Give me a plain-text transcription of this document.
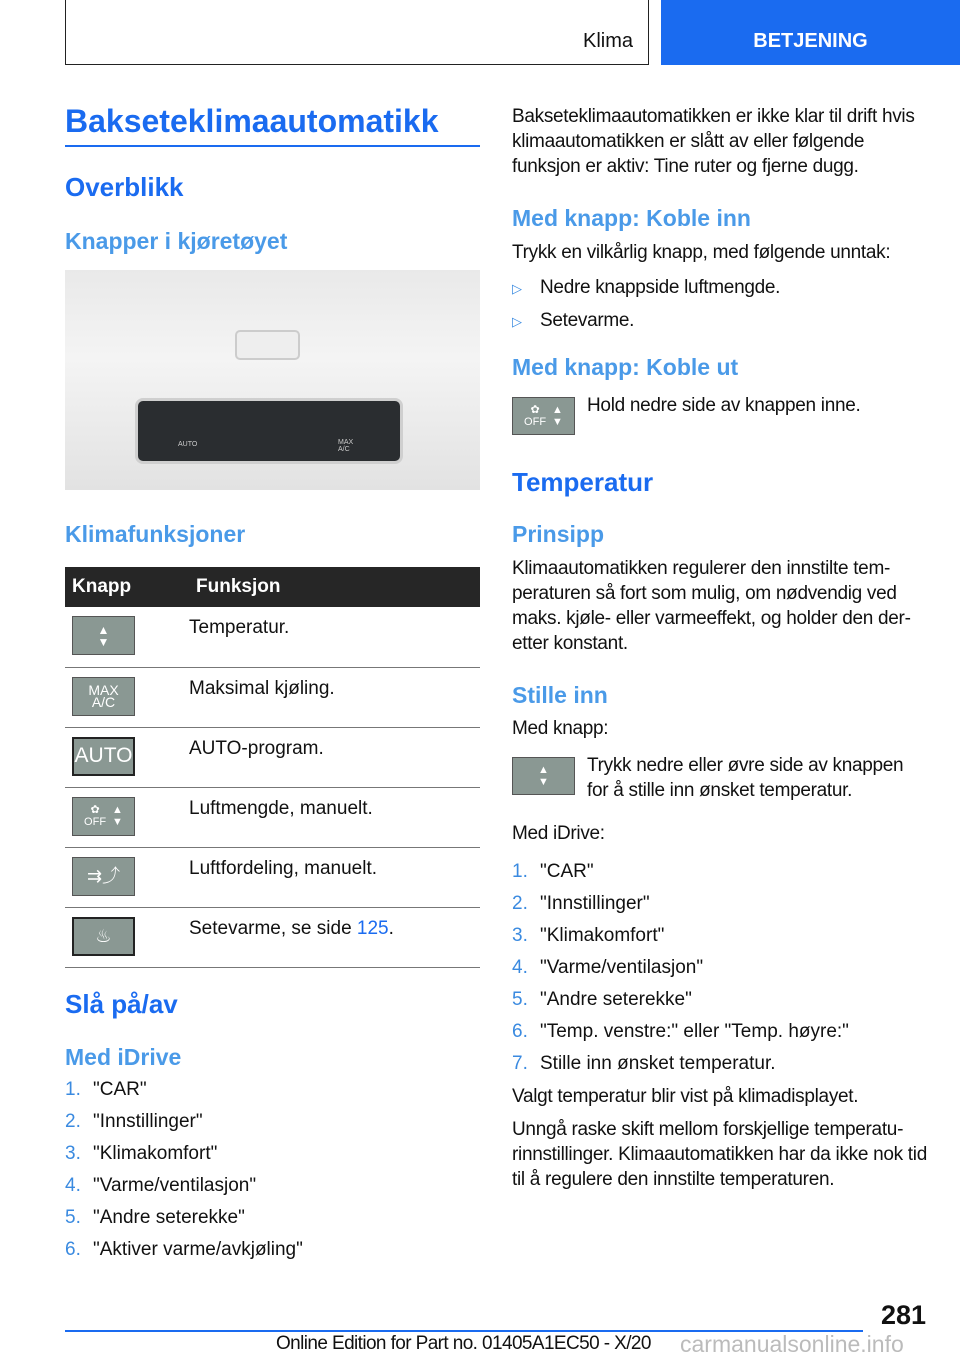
Klima	BETJENING
Bakseteklimaautomatikk
Overblikk
Knapper i kjøretøyet
AUTO	MAX A/C
Klimafunksjoner
Knapp	Funksjon

▲
▼	Temperatur.

MAX A/C	Maksimal kjøling.

AUTO	AUTO-program.

✿
OFF
▲
▼	Luftmengde, manuelt.

⇉⤴	Luftfordeling, manuelt.

♨	Setevarme, se side 125.
Slå på/av
Med iDrive
1. "CAR"
2. "Innstillinger"
3. "Klimakomfort"
4. "Varme/ventilasjon"
5. "Andre seterekke"
6. "Aktiver varme/avkjøling"
Bakseteklimaautomatikken er ikke klar til drift hvis klimaautomatikken er slått av eller følgende funksjon er aktiv: Tine ruter og fjerne dugg.
Med knapp: Koble inn
Trykk en vilkårlig knapp, med følgende unntak:
▷ Nedre knappside luftmengde.
▷ Setevarme.
Med knapp: Koble ut
✿
OFF
▲
▼
Hold nedre side av knappen inne.
Temperatur
Prinsipp
Klimaautomatikken regulerer den innstilte temperaturen så fort som mulig, om nødvendig ved maks. kjøle- eller varmeeffekt, og holder den deretter konstant.
Stille inn
Med knapp:
▲
▼
Trykk nedre eller øvre side av knappen for å stille inn ønsket temperatur.
Med iDrive:
1. "CAR"
2. "Innstillinger"
3. "Klimakomfort"
4. "Varme/ventilasjon"
5. "Andre seterekke"
6. "Temp. venstre:" eller "Temp. høyre:"
7. Stille inn ønsket temperatur.
Valgt temperatur blir vist på klimadisplayet.
Unngå raske skift mellom forskjellige temperaturinnstillinger. Klimaautomatikken har da ikke nok tid til å regulere den innstilte temperaturen.
281
Online Edition for Part no. 01405A1EC50 - X/20 carmanualsonline.info
